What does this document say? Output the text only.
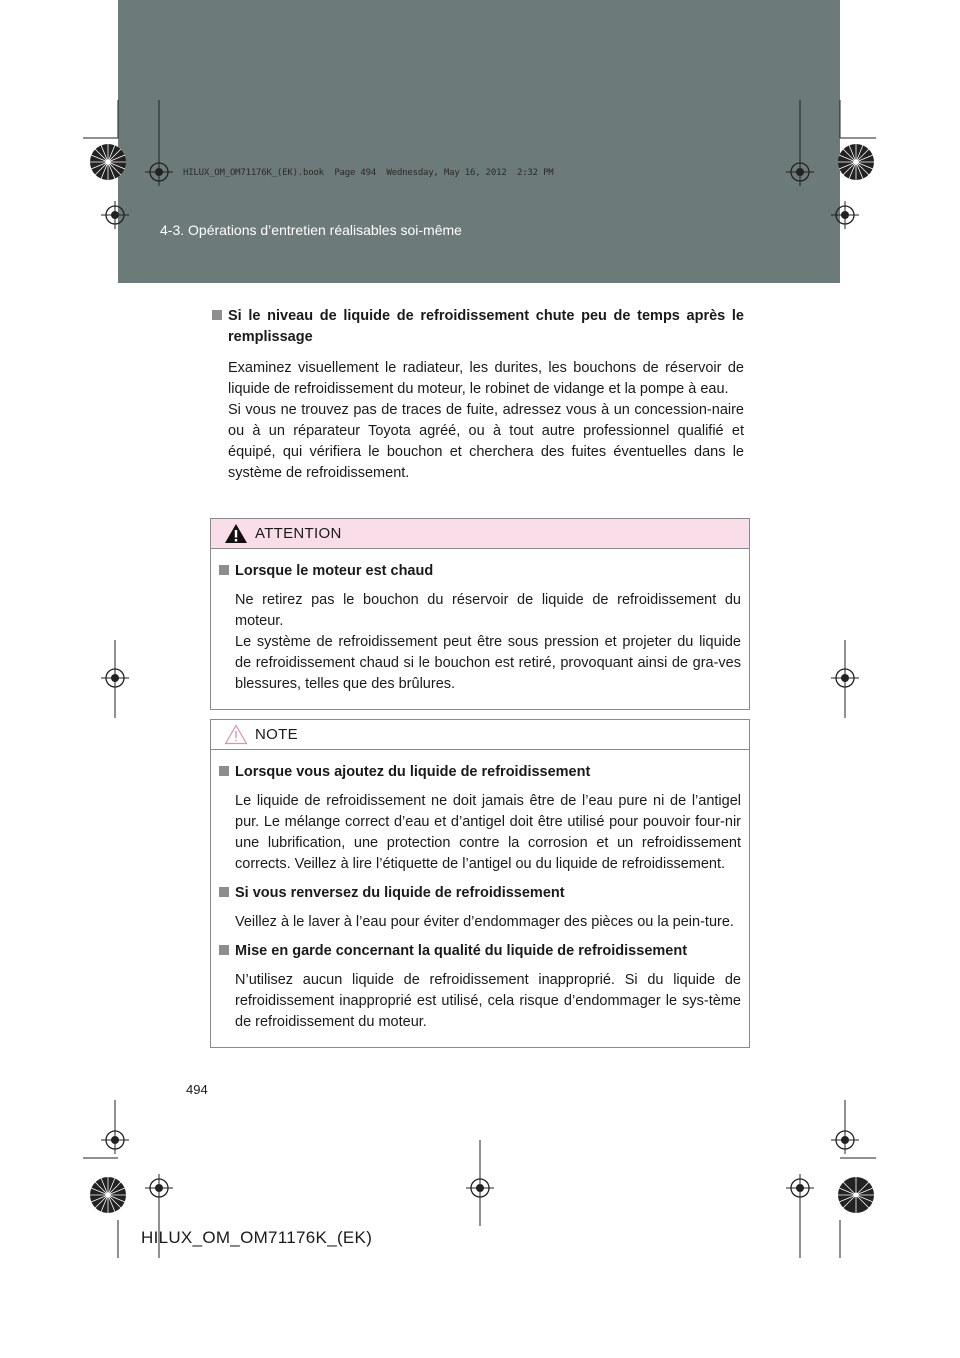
4-3. Opérations d’entretien réalisables soi-même
HILUX_OM_OM71176K_(EK).book  Page 494  Wednesday, May 16, 2012  2:32 PM
Si le niveau de liquide de refroidissement chute peu de temps après le remplissage

Examinez visuellement le radiateur, les durites, les bouchons de réservoir de liquide de refroidissement du moteur, le robinet de vidange et la pompe à eau.

Si vous ne trouvez pas de traces de fuite, adressez vous à un concession-naire ou à un réparateur Toyota agréé, ou à tout autre professionnel qualifié et équipé, qui vérifiera le bouchon et cherchera des fuites éventuelles dans le système de refroidissement.

ATTENTION
Lorsque le moteur est chaud

Ne retirez pas le bouchon du réservoir de liquide de refroidissement du moteur.

Le système de refroidissement peut être sous pression et projeter du liquide de refroidissement chaud si le bouchon est retiré, provoquant ainsi de gra-ves blessures, telles que des brûlures.

NOTE
Lorsque vous ajoutez du liquide de refroidissement
Le liquide de refroidissement ne doit jamais être de l’eau pure ni de l’antigel pur. Le mélange correct d’eau et d’antigel doit être utilisé pour pouvoir four-nir une lubrification, une protection contre la corrosion et un refroidissement corrects. Veillez à lire l’étiquette de l’antigel ou du liquide de refroidissement.
Si vous renversez du liquide de refroidissement
Veillez à le laver à l’eau pour éviter d’endommager des pièces ou la pein-ture.
Mise en garde concernant la qualité du liquide de refroidissement
N’utilisez aucun liquide de refroidissement inapproprié. Si du liquide de refroidissement inapproprié est utilisé, cela risque d’endommager le sys-tème de refroidissement du moteur.
494
HILUX_OM_OM71176K_(EK)
